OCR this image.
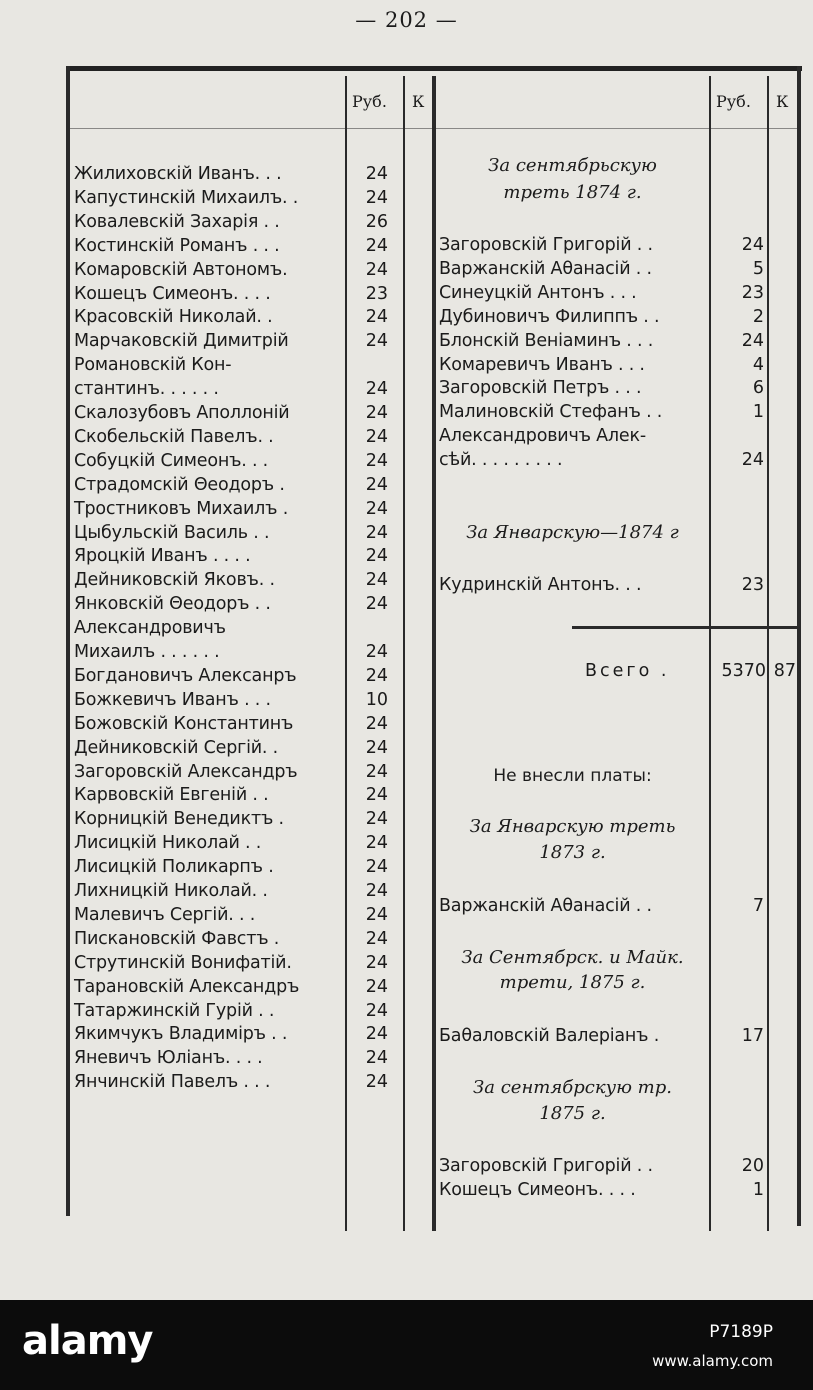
— 202 —
Руб. К	Руб. К
Жилиховскій Иванъ. . .	24
Капустинскій Михаилъ. .	24
Ковалевскій Захарія . .	26
Костинскій Романъ . . .	24
Комаровскій Автономъ.	24
Кошецъ Симеонъ. . . .	23
Красовскій Николай. .	24
Марчаковскій Димитрій	24
Романовскій Кон-
стантинъ. . . . . .	24
Скалозубовъ Аполлоній	24
Скобельскій Павелъ. .	24
Собуцкій Симеонъ. . .	24
Страдомскій Θеодоръ .	24
Тростниковъ Михаилъ .	24
Цыбульскій Василь . .	24
Яроцкій Иванъ . . . .	24
Дейниковскій Яковъ. .	24
Янковскій Θеодоръ . .	24
Александровичъ
Михаилъ . . . . . .	24
Богдановичъ Алексанръ	24
Божкевичъ Иванъ . . .	10
Божовскій Константинъ	24
Дейниковскій Сергій. .	24
Загоровскій Александръ	24
Карвовскій Евгеній . .	24
Корницкій Венедиктъ .	24
Лисицкій Николай . .	24
Лисицкій Поликарпъ .	24
Лихницкій Николай. .	24
Малевичъ Сергій. . .	24
Пискановскій Фавстъ .	24
Струтинскій Вонифатій.	24
Тарановскій Александръ	24
Татаржинскій Гурій . .	24
Якимчукъ Владиміръ . .	24
Яневичъ Юліанъ. . . .	24
Янчинскій Павелъ . . .	24
За сентябрьскую
треть 1874 г.
Загоровскій Григорій . .	24
Варжанскій Аθанасій . .	5
Синеуцкій Антонъ . . .	23
Дубиновичъ Филиппъ . .	2
Блонскій Веніаминъ . . .	24
Комаревичъ Иванъ . . .	4
Загоровскій Петръ . . .	6
Малиновскій Стефанъ . .	1
Александровичъ Алек-
сѣй. . . . . . . . .	24
За Январскую—1874 г
Кудринскій Антонъ. . .	23
Всего .	5370 87
Не внесли платы:
За Январскую треть
1873 г.
Варжанскій Аθанасій . .	7
За Сентябрск. и Майк.
трети, 1875 г.
Баθаловскій Валеріанъ .	17
За сентябрскую тр.
1875 г.
Загоровскій Григорій . .	20
Кошецъ Симеонъ. . . .	1
alamy	P7189P
www.alamy.com
